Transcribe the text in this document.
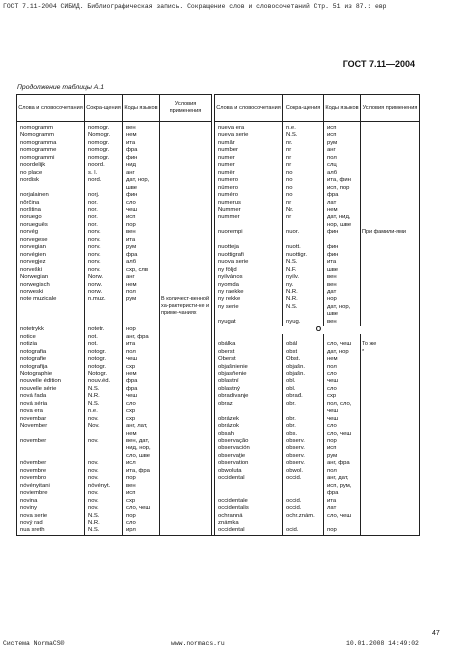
ГОСТ 7.11-2004 СИБИД. Библиографическая запись. Сокращение слов и словосочетаний Стр. 51 из 87.: евр
ГОСТ 7.11—2004
Продолжение таблицы А.1
Слова и словосочетания	Сокра-щения	Коды языков	Условия применения		Слова и словосочетания	Сокра-щения	Коды языков	Условия применения
nomogramm	nomogr.	вен			nueva era	n.e.	исп	
Nomogramm	Nomogr.	нем			nueva serie	N.S.	исп	
nomogramma	nomogr.	ита			număr	nr.	рум	
nomogramme	nomogr.	фра			number	nr	анг	
nomogrammi	nomogr.	фин			numer	nr	пол	
noordelijk	noord.	нид			numer	nr	слц	
no place	s. l.	анг			numër	no	алб	
nordisk	nord.	дат, нор,			numero	no	ита, фин	
		шве			número	no	исп, пор	
norjalainen	norj.	фин			numéro	no	фра	
nŏrčina	nor.	сло			numerus	nr	лат	
norština	nor.	чеш			Nummer	Nr.	нем	
noruego	nor.	исп			nummer	nr	дат, нид,	
norueguēs	nor.	пор					нор, шве	
norvég	norv.	вен			nuorempi	nuor.	фин	При фамили-ями
norvegese	norv.	ита						
norvegian	norv.	рум			nuotteja	nuott.	фин	
norvégien	norv.	фра			nuottigrafi	nuottigr.	фин	
norvegjez	norv.	алб			nuova serie	N.S.	ита	
norveški	norv.	схр, слв			ny följd	N.F.	шве	
Norwegian	Norw.	анг			nyilvános	nyilv.	вен	
norwegisch	norw.	нем			nyomda	ny.	вен	
norweski	norw.	пол			ny raekke	N.R.	дат	
note muzicale	n.muz.	рум	В количест-венной ха-рактеристи-ке и приме-чаниях		ny rekke	N.R.	нор	
					ny serie	N.S.	дат, нор,	
							шве	
					nyugat	nyug.	вен	
notetrykk	notetr.	нор			O			
notice	not.	анг, фра						
notizia	not.	ита			obálka	obál	сло, чеш	То же
notografia	notogr.	пол			oberst	obst	дат, нор	*
notografie	notogr.	чеш			Oberst	Obst.	нем	
notografija	notogr.	схр			objašnienie	objašn.	пол	
Notographie	Notogr.	нем			objasňenie	objašn.	сло	
nouvelle édition	nouv.éd.	фра			oblastní	obl.	чеш	
nouvelle série	N.S.	фра			oblastný	obl.	сло	
nová řada	N.Ř.	чеш			obradivanje	obrađ.	схр	
nová séria	N.S.	сло			obraz	obr.	пол, сло,	
nova era	n.e.	схр					чеш	
novembar	nov.	схр			obrázek	obr.	чеш	
November	Nov.	анг, лат,			obrázok	obr.	сло	
		нем			obsah	obs.	сло, чеш	
november	nov.	вен, дат,			observação	observ.	пор	
		нид, нор,			observación	observ.	исп	
		сло, шве			observaţie	observ.	рум	
növember	nov.	исл			observation	observ.	анг, фра	
novembre	nov.	ита, фра			obwoluta	obwol.	пол	
novembro	nov.	пор			occidental	occid.	анг, дат,	
nóvényitani	növényt.	вен					исп, рум,	
noviembre	nov.	исп					фра	
novina	nov.	схр			occidentale	occid.	ита	
noviny	nov.	сло, чеш			occidentalis	occid.	лат	
nova serie	N.S.	пор			ochranná	ochr.znám.	сло, чеш	
nový rad	N.R.	сло			známka			
nua sreth	N.S.	ирл			occidental	ocid.	пор	
47
Система NormaCS®	www.normacs.ru	10.01.2008 14:49:02
